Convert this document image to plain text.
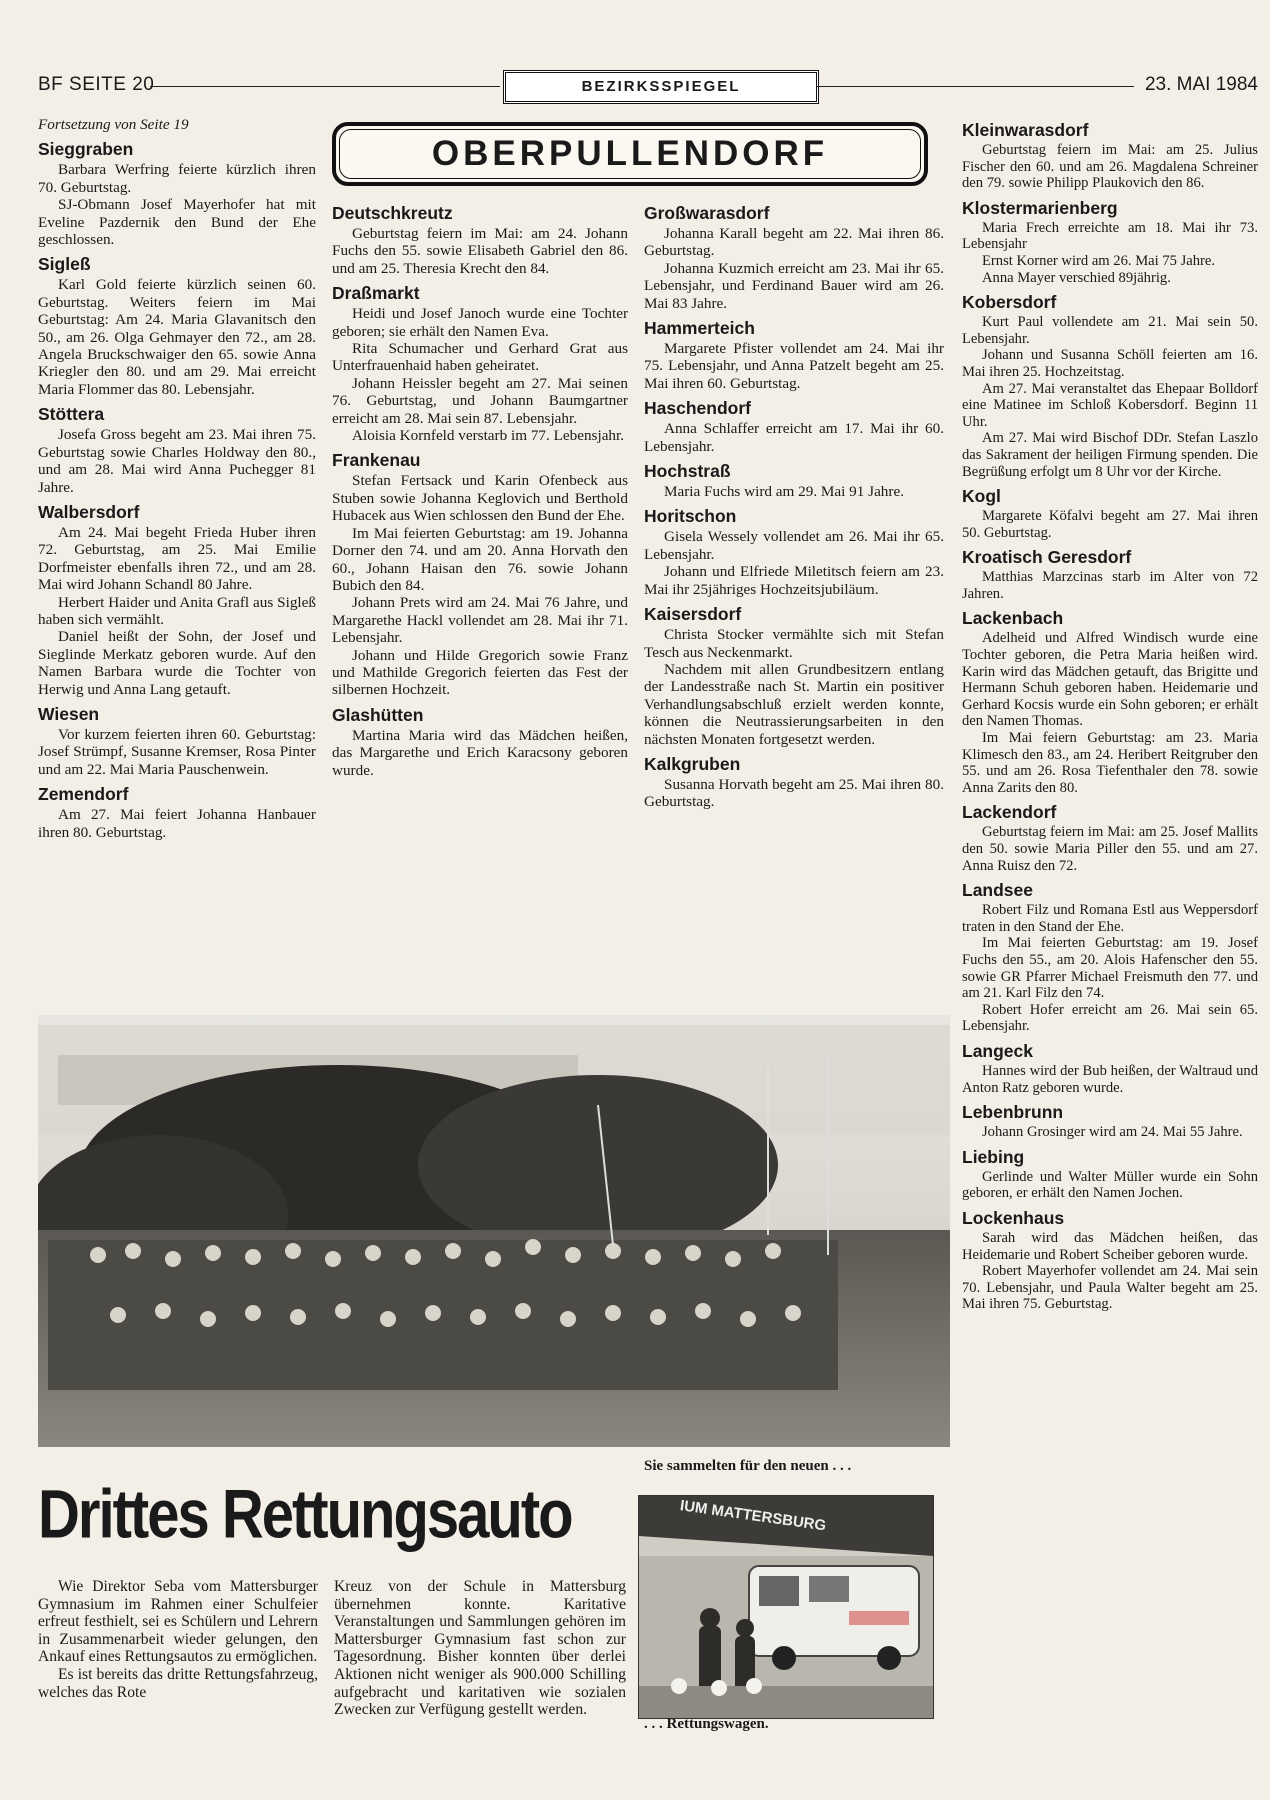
BF SEITE 20	BEZIRKSSPIEGEL	23. MAI 1984
OBERPULLENDORF

Fortsetzung von Seite 19

Sieggraben

Barbara Werfring feierte kürzlich ihren 70. Geburtstag.

SJ-Obmann Josef Mayerhofer hat mit Eveline Pazdernik den Bund der Ehe geschlossen.

Sigleß

Karl Gold feierte kürzlich seinen 60. Geburtstag. Weiters feiern im Mai Geburtstag: Am 24. Maria Glavanitsch den 50., am 26. Olga Gehmayer den 72., am 28. Angela Bruckschwaiger den 65. sowie Anna Kriegler den 80. und am 29. Mai erreicht Maria Flommer das 80. Lebensjahr.

Stöttera

Josefa Gross begeht am 23. Mai ihren 75. Geburtstag sowie Charles Holdway den 80., und am 28. Mai wird Anna Puchegger 81 Jahre.

Walbersdorf

Am 24. Mai begeht Frieda Huber ihren 72. Geburtstag, am 25. Mai Emilie Dorfmeister ebenfalls ihren 72., und am 28. Mai wird Johann Schandl 80 Jahre.

Herbert Haider und Anita Grafl aus Sigleß haben sich vermählt.

Daniel heißt der Sohn, der Josef und Sieglinde Merkatz geboren wurde. Auf den Namen Barbara wurde die Tochter von Herwig und Anna Lang getauft.

Wiesen

Vor kurzem feierten ihren 60. Geburtstag: Josef Strümpf, Susanne Kremser, Rosa Pinter und am 22. Mai Maria Pauschenwein.

Zemendorf

Am 27. Mai feiert Johanna Hanbauer ihren 80. Geburtstag.

Deutschkreutz

Geburtstag feiern im Mai: am 24. Johann Fuchs den 55. sowie Elisabeth Gabriel den 86. und am 25. Theresia Krecht den 84.

Draßmarkt

Heidi und Josef Janoch wurde eine Tochter geboren; sie erhält den Namen Eva.

Rita Schumacher und Gerhard Grat aus Unterfrauenhaid haben geheiratet.

Johann Heissler begeht am 27. Mai seinen 76. Geburtstag, und Johann Baumgartner erreicht am 28. Mai sein 87. Lebensjahr.

Aloisia Kornfeld verstarb im 77. Lebensjahr.

Frankenau

Stefan Fertsack und Karin Ofenbeck aus Stuben sowie Johanna Keglovich und Berthold Hubacek aus Wien schlossen den Bund der Ehe.

Im Mai feierten Geburtstag: am 19. Johanna Dorner den 74. und am 20. Anna Horvath den 60., Johann Haisan den 76. sowie Johann Bubich den 84.

Johann Prets wird am 24. Mai 76 Jahre, und Margarethe Hackl vollendet am 28. Mai ihr 71. Lebensjahr.

Johann und Hilde Gregorich sowie Franz und Mathilde Gregorich feierten das Fest der silbernen Hochzeit.

Glashütten

Martina Maria wird das Mädchen heißen, das Margarethe und Erich Karacsony geboren wurde.

Großwarasdorf

Johanna Karall begeht am 22. Mai ihren 86. Geburtstag.

Johanna Kuzmich erreicht am 23. Mai ihr 65. Lebensjahr, und Ferdinand Bauer wird am 26. Mai 83 Jahre.

Hammerteich

Margarete Pfister vollendet am 24. Mai ihr 75. Lebensjahr, und Anna Patzelt begeht am 25. Mai ihren 60. Geburtstag.

Haschendorf

Anna Schlaffer erreicht am 17. Mai ihr 60. Lebensjahr.

Hochstraß

Maria Fuchs wird am 29. Mai 91 Jahre.

Horitschon

Gisela Wessely vollendet am 26. Mai ihr 65. Lebensjahr.

Johann und Elfriede Miletitsch feiern am 23. Mai ihr 25jähriges Hochzeitsjubiläum.

Kaisersdorf

Christa Stocker vermählte sich mit Stefan Tesch aus Neckenmarkt.

Nachdem mit allen Grundbesitzern entlang der Landesstraße nach St. Martin ein positiver Verhandlungsabschluß erzielt werden konnte, können die Neutrassierungsarbeiten in den nächsten Monaten fortgesetzt werden.

Kalkgruben

Susanna Horvath begeht am 25. Mai ihren 80. Geburtstag.

Kleinwarasdorf

Geburtstag feiern im Mai: am 25. Julius Fischer den 60. und am 26. Magdalena Schreiner den 79. sowie Philipp Plaukovich den 86.

Klostermarienberg

Maria Frech erreichte am 18. Mai ihr 73. Lebensjahr

Ernst Korner wird am 26. Mai 75 Jahre.

Anna Mayer verschied 89jährig.

Kobersdorf

Kurt Paul vollendete am 21. Mai sein 50. Lebensjahr.

Johann und Susanna Schöll feierten am 16. Mai ihren 25. Hochzeitstag.

Am 27. Mai veranstaltet das Ehepaar Bolldorf eine Matinee im Schloß Kobersdorf. Beginn 11 Uhr.

Am 27. Mai wird Bischof DDr. Stefan Laszlo das Sakrament der heiligen Firmung spenden. Die Begrüßung erfolgt um 8 Uhr vor der Kirche.

Kogl

Margarete Köfalvi begeht am 27. Mai ihren 50. Geburtstag.

Kroatisch Geresdorf

Matthias Marzcinas starb im Alter von 72 Jahren.

Lackenbach

Adelheid und Alfred Windisch wurde eine Tochter geboren, die Petra Maria heißen wird. Karin wird das Mädchen getauft, das Brigitte und Hermann Schuh geboren haben. Heidemarie und Gerhard Kocsis wurde ein Sohn geboren; er erhält den Namen Thomas.

Im Mai feiern Geburtstag: am 23. Maria Klimesch den 83., am 24. Heribert Reitgruber den 55. und am 26. Rosa Tiefenthaler den 78. sowie Anna Zarits den 80.

Lackendorf

Geburtstag feiern im Mai: am 25. Josef Mallits den 50. sowie Maria Piller den 55. und am 27. Anna Ruisz den 72.

Landsee

Robert Filz und Romana Estl aus Weppersdorf traten in den Stand der Ehe.

Im Mai feierten Geburtstag: am 19. Josef Fuchs den 55., am 20. Alois Hafenscher den 55. sowie GR Pfarrer Michael Freismuth den 77. und am 21. Karl Filz den 74.

Robert Hofer erreicht am 26. Mai sein 65. Lebensjahr.

Langeck

Hannes wird der Bub heißen, der Waltraud und Anton Ratz geboren wurde.

Lebenbrunn

Johann Grosinger wird am 24. Mai 55 Jahre.

Liebing

Gerlinde und Walter Müller wurde ein Sohn geboren, er erhält den Namen Jochen.

Lockenhaus

Sarah wird das Mädchen heißen, das Heidemarie und Robert Scheiber geboren wurde.

Robert Mayerhofer vollendet am 24. Mai sein 70. Lebensjahr, und Paula Walter begeht am 25. Mai ihren 75. Geburtstag.

Drittes Rettungsauto

Wie Direktor Seba vom Mattersburger Gymnasium im Rahmen einer Schulfeier erfreut festhielt, sei es Schülern und Lehrern in Zusammenarbeit wieder gelungen, den Ankauf eines Rettungsautos zu ermöglichen.

Es ist bereits das dritte Rettungsfahrzeug, welches das Rote

Kreuz von der Schule in Mattersburg übernehmen konnte. Karitative Veranstaltungen und Sammlungen gehören im Mattersburger Gymnasium fast schon zur Tagesordnung. Bisher konnten über derlei Aktionen nicht weniger als 900.000 Schilling aufgebracht und karitativen wie sozialen Zwecken zur Verfügung gestellt werden.

Sie sammelten für den neuen . . .
IUM MATTERSBURG
. . . Rettungswagen.
